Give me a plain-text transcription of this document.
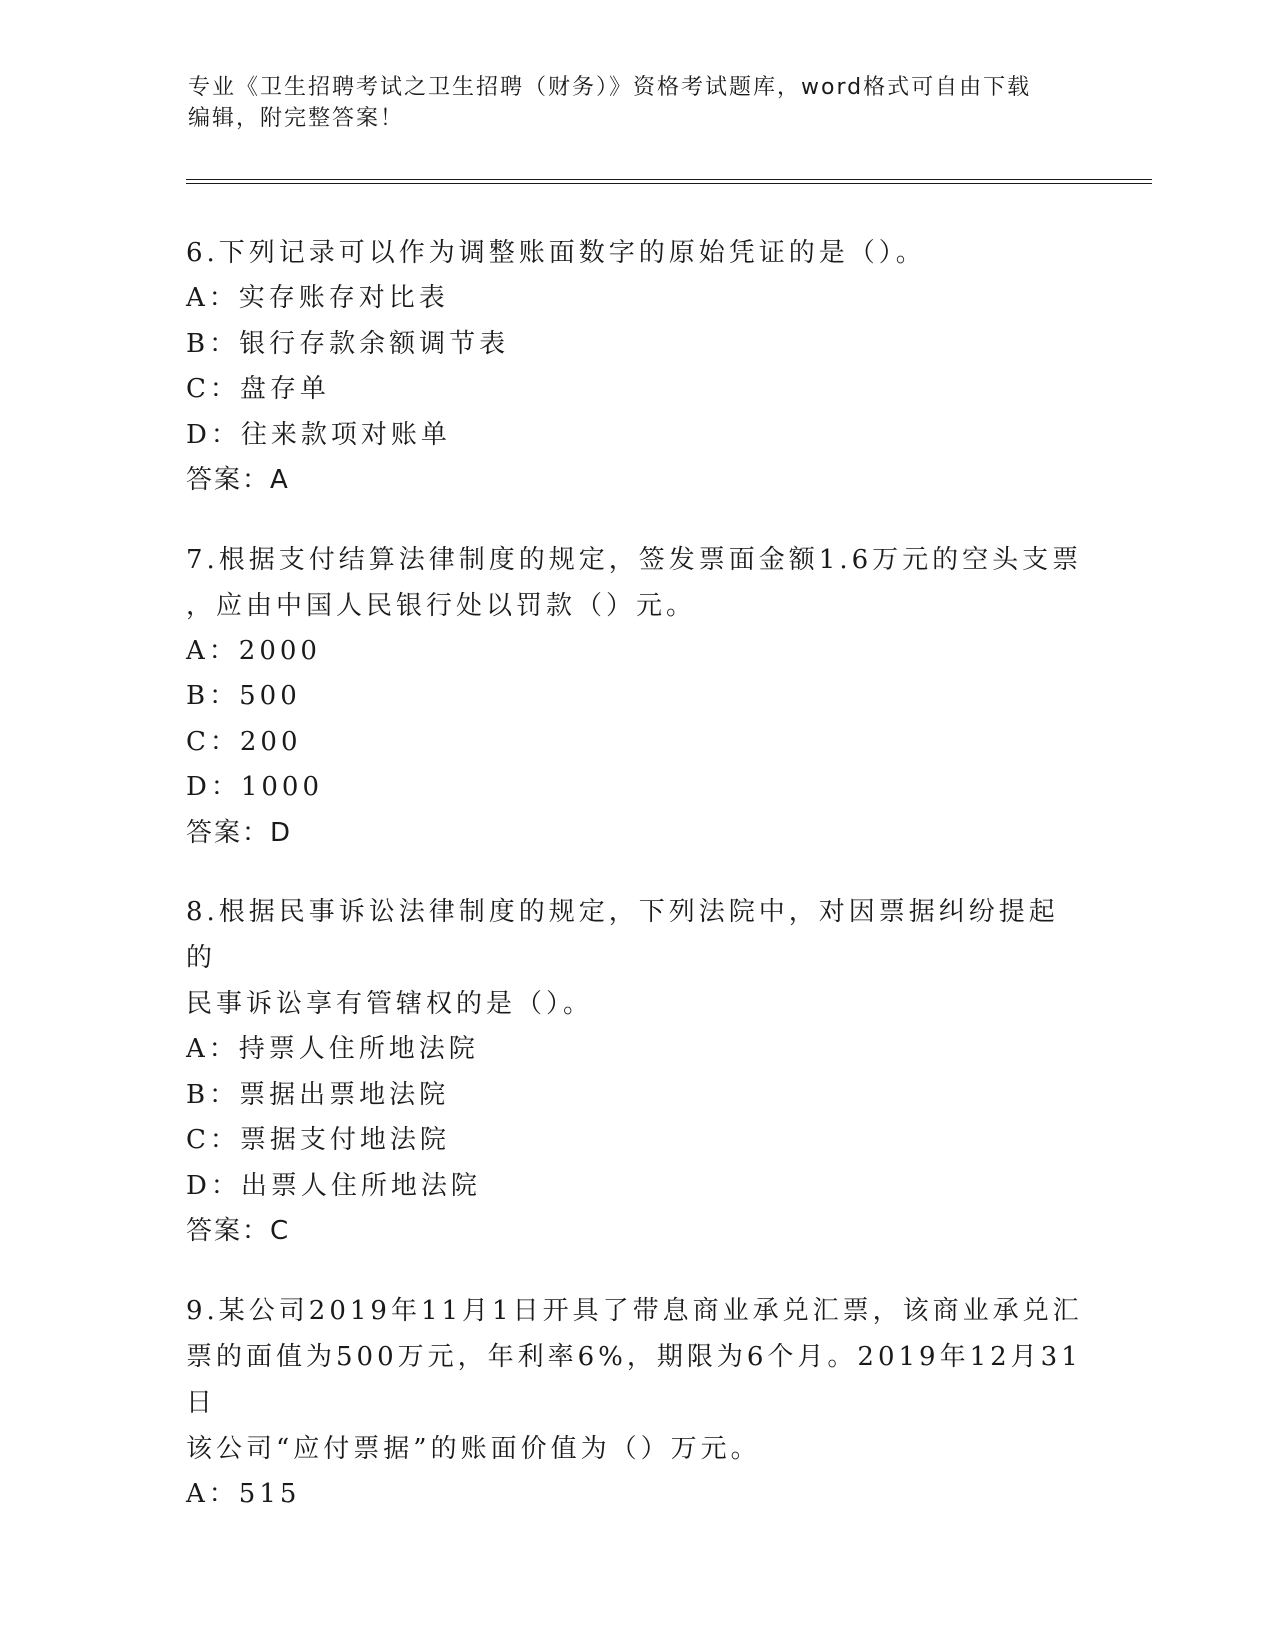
专业《卫生招聘考试之卫生招聘（财务）》资格考试题库，word格式可自由下载
编辑，附完整答案！

6.下列记录可以作为调整账面数字的原始凭证的是（）。

A：实存账存对比表

B：银行存款余额调节表

C：盘存单

D：往来款项对账单

答案：A

7.根据支付结算法律制度的规定，签发票面金额1.6万元的空头支票

，应由中国人民银行处以罚款（）元。

A：2000

B：500

C：200

D：1000

答案：D

8.根据民事诉讼法律制度的规定，下列法院中，对因票据纠纷提起的

民事诉讼享有管辖权的是（）。

A：持票人住所地法院

B：票据出票地法院

C：票据支付地法院

D：出票人住所地法院

答案：C

9.某公司2019年11月1日开具了带息商业承兑汇票，该商业承兑汇

票的面值为500万元，年利率6%，期限为6个月。2019年12月31日

该公司“应付票据”的账面价值为（）万元。

A：515
